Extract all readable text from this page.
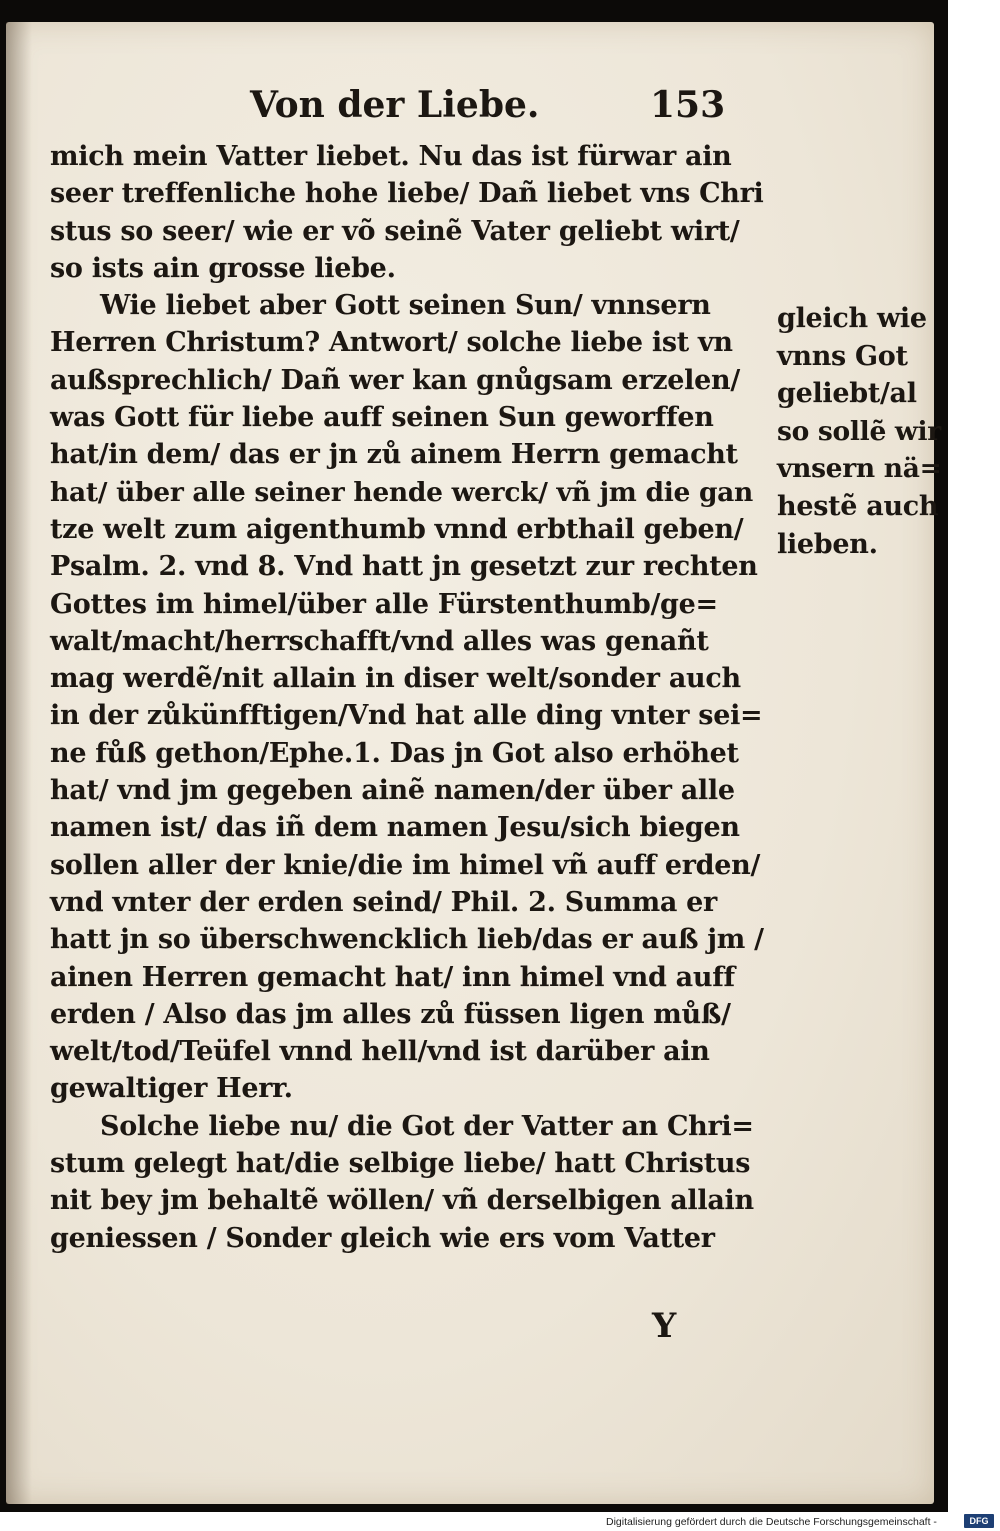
Von der Liebe.	153
mich mein Vatter liebet. Nu das ist fürwar ain
seer treffenliche hohe liebe/ Dañ liebet vns Chri
stus so seer/ wie er võ seinẽ Vater geliebt wirt/
so ists ain grosse liebe.
Wie liebet aber Gott seinen Sun/ vnnsern
Herren Christum? Antwort/ solche liebe ist vn
außsprechlich/ Dañ wer kan gnůgsam erzelen/
was Gott für liebe auff seinen Sun geworffen
hat/in dem/ das er jn zů ainem Herrn gemacht
hat/ über alle seiner hende werck/ vñ jm die gan
tze welt zum aigenthumb vnnd erbthail geben/
Psalm. 2. vnd 8. Vnd hatt jn gesetzt zur rechten
Gottes im himel/über alle Fürstenthumb/ge=
walt/macht/herrschafft/vnd alles was genañt
mag werdẽ/nit allain in diser welt/sonder auch
in der zůkünfftigen/Vnd hat alle ding vnter sei=
ne fůß gethon/Ephe.1. Das jn Got also erhöhet
hat/ vnd jm gegeben ainẽ namen/der über alle
namen ist/ das iñ dem namen Jesu/sich biegen
sollen aller der knie/die im himel vñ auff erden/
vnd vnter der erden seind/ Phil. 2. Summa er
hatt jn so überschwencklich lieb/das er auß jm /
ainen Herren gemacht hat/ inn himel vnd auff
erden / Also das jm alles zů füssen ligen můß/
welt/tod/Teüfel vnnd hell/vnd ist darüber ain
gewaltiger Herr.
Solche liebe nu/ die Got der Vatter an Chri=
stum gelegt hat/die selbige liebe/ hatt Christus
nit bey jm behaltẽ wöllen/ vñ derselbigen allain
geniessen / Sonder gleich wie ers vom Vatter
gleich wie
vnns Got
geliebt/al
so sollẽ wir
vnsern nä=
hestẽ auch
lieben.
Y
Digitalisierung gefördert durch die Deutsche Forschungsgemeinschaft -	DFG
